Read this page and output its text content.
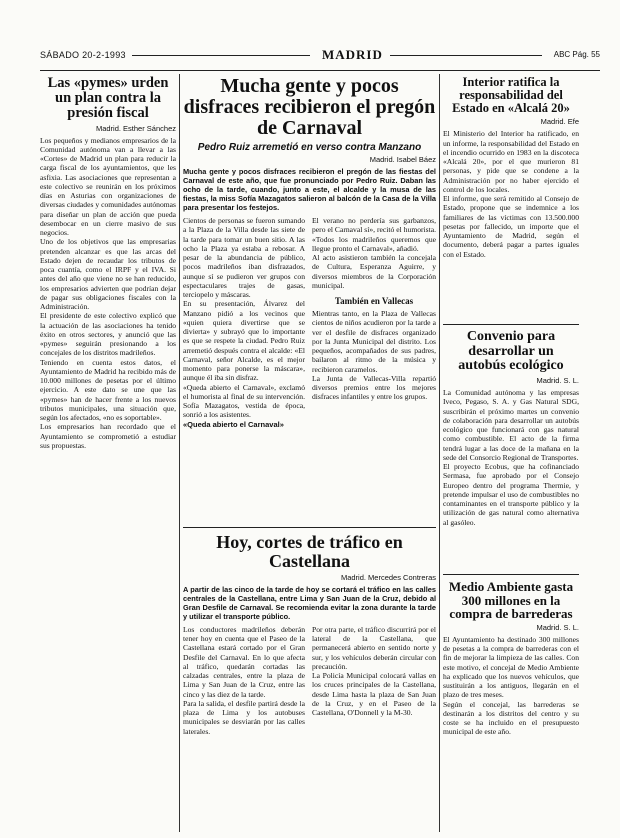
SÁBADO 20-2-1993	MADRID	ABC Pág. 55
Las «pymes» urden un plan contra la presión fiscal
Madrid. Esther Sánchez

Los pequeños y medianos empresarios de la Comunidad autónoma van a llevar a las «Cortes» de Madrid un plan para reducir la carga fiscal de los ayuntamientos, que les asfixia. Las asociaciones que representan a este colectivo se reunirán en los próximos días en Asturias con organizaciones de diversas ciudades y comunidades autónomas para diseñar un plan de acción que pueda desembocar en un cierre masivo de sus negocios.
Uno de los objetivos que las empresarias pretenden alcanzar es que las arcas del Estado dejen de recaudar los tributos de poca cuantía, como el IRPF y el IVA. Si antes del año que viene no se han reducido, los empresarios advierten que podrían dejar de pagar sus obligaciones fiscales con la Administración.
El presidente de este colectivo explicó que la actuación de las asociaciones ha tenido éxito en otros sectores, y anunció que las «pymes» seguirán presionando a los concejales de los distritos madrileños.
Teniendo en cuenta estos datos, el Ayuntamiento de Madrid ha recibido más de 10.000 millones de pesetas por el último ejercicio. A este dato se une que las «pymes» han de hacer frente a los nuevos tributos municipales, una situación que, según los afectados, «no es soportable».
Los empresarios han recordado que el Ayuntamiento se comprometió a estudiar sus propuestas.

Mucha gente y pocos disfraces recibieron el pregón de Carnaval
Pedro Ruiz arremetió en verso contra Manzano
Madrid. Isabel Báez

Mucha gente y pocos disfraces recibieron el pregón de las fiestas del Carnaval de este año, que fue pronunciado por Pedro Ruiz. Daban las ocho de la tarde, cuando, junto a este, el alcalde y la musa de las fiestas, la miss Sofía Mazagatos salieron al balcón de la Casa de la Villa para presentar los festejos.

Cientos de personas se fueron sumando a la Plaza de la Villa desde las siete de la tarde para tomar un buen sitio. A las ocho la Plaza ya estaba a rebosar. A pesar de la abundancia de público, pocos madrileños iban disfrazados, aunque sí se pudieron ver grupos con espectaculares trajes de gasas, terciopelo y máscaras.
En su presentación, Álvarez del Manzano pidió a los vecinos que «quien quiera divertirse que se divierta» y subrayó que lo importante es que se respete la ciudad. Pedro Ruiz arremetió después contra el alcalde: «El Carnaval, señor Alcalde, es el mejor momento para ponerse la máscara», aunque él iba sin disfraz.
«Queda abierto el Carnaval», exclamó el humorista al final de su intervención. Sofía Mazagatos, vestida de época, sonrió a los asistentes.

«Queda abierto el Carnaval»

El verano no perdería sus garbanzos, pero el Carnaval sí», recitó el humorista. «Todos los madrileños queremos que llegue pronto el Carnaval», añadió.
Al acto asistieron también la concejala de Cultura, Esperanza Aguirre, y diversos miembros de la Corporación municipal.

También en Vallecas

Mientras tanto, en la Plaza de Vallecas cientos de niños acudieron por la tarde a ver el desfile de disfraces organizado por la Junta Municipal del distrito. Los pequeños, acompañados de sus padres, bailaron al ritmo de la música y recibieron caramelos.
La Junta de Vallecas-Villa repartió diversos premios entre los mejores disfraces infantiles y entre los grupos.

Hoy, cortes de tráfico en Castellana
Madrid. Mercedes Contreras

A partir de las cinco de la tarde de hoy se cortará el tráfico en las calles centrales de la Castellana, entre Lima y San Juan de la Cruz, debido al Gran Desfile de Carnaval. Se recomienda evitar la zona durante la tarde y utilizar el transporte público.

Los conductores madrileños deberán tener hoy en cuenta que el Paseo de la Castellana estará cortado por el Gran Desfile del Carnaval. En lo que afecta al tráfico, quedarán cortadas las calzadas centrales, entre la plaza de Lima y San Juan de la Cruz, entre las cinco y las diez de la tarde.
Para la salida, el desfile partirá desde la plaza de Lima y los autobuses municipales se desviarán por las calles laterales.

Por otra parte, el tráfico discurrirá por el lateral de la Castellana, que permanecerá abierto en sentido norte y sur, y los vehículos deberán circular con precaución.
La Policía Municipal colocará vallas en los cruces principales de la Castellana, desde Lima hasta la plaza de San Juan de la Cruz, y en el Paseo de la Castellana, O'Donnell y la M-30.

Interior ratifica la responsabilidad del Estado en «Alcalá 20»
Madrid. Efe

El Ministerio del Interior ha ratificado, en un informe, la responsabilidad del Estado en el incendio ocurrido en 1983 en la discoteca «Alcalá 20», por el que murieron 81 personas, y pide que se condene a la Administración por no haber ejercido el control de los locales.
El informe, que será remitido al Consejo de Estado, propone que se indemnice a los familiares de las víctimas con 13.500.000 pesetas por fallecido, un importe que el Ayuntamiento de Madrid, según el documento, deberá pagar a partes iguales con el Estado.

Convenio para desarrollar un autobús ecológico
Madrid. S. L.

La Comunidad autónoma y las empresas Iveco, Pegaso, S. A. y Gas Natural SDG, suscribirán el próximo martes un convenio de colaboración para desarrollar un autobús ecológico que funcionará con gas natural como combustible. El acto de la firma tendrá lugar a las doce de la mañana en la sede del Consorcio Regional de Transportes.
El proyecto Ecobus, que ha cofinanciado Sermasa, fue aprobado por el Consejo Europeo dentro del programa Thermie, y pretende impulsar el uso de combustibles no contaminantes en el transporte público y la utilización de gas natural como alternativa al gasóleo.

Medio Ambiente gasta 300 millones en la compra de barrederas
Madrid. S. L.

El Ayuntamiento ha destinado 300 millones de pesetas a la compra de barrederas con el fin de mejorar la limpieza de las calles. Con este motivo, el concejal de Medio Ambiente ha explicado que los nuevos vehículos, que sustituirán a los antiguos, llegarán en el plazo de tres meses.
Según el concejal, las barrederas se destinarán a los distritos del centro y su coste se ha incluido en el presupuesto municipal de este año.
